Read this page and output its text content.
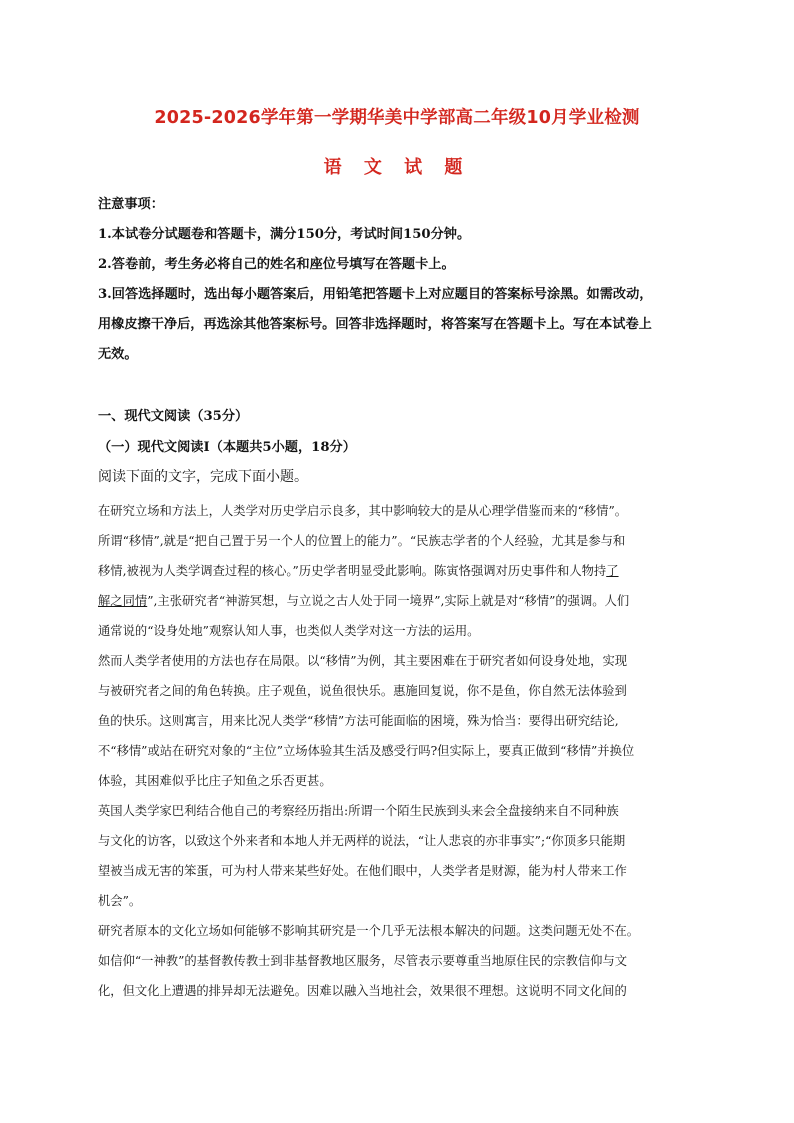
2025-2026学年第一学期华美中学部高二年级10月学业检测
语 文 试 题
注意事项：

1.本试卷分试题卷和答题卡，满分150分，考试时间150分钟。

2.答卷前，考生务必将自己的姓名和座位号填写在答题卡上。

3.回答选择题时，选出每小题答案后，用铅笔把答题卡上对应题目的答案标号涂黑。如需改动，

用橡皮擦干净后，再选涂其他答案标号。回答非选择题时，将答案写在答题卡上。写在本试卷上

无效。

一、现代文阅读（35分）
（一）现代文阅读Ⅰ（本题共5小题，18分）
阅读下面的文字，完成下面小题。

在研究立场和方法上，人类学对历史学启示良多，其中影响较大的是从心理学借鉴而来的“移情”。

所谓“移情”,就是“把自己置于另一个人的位置上的能力”。“民族志学者的个人经验，尤其是参与和

移情,被视为人类学调查过程的核心。”历史学者明显受此影响。陈寅恪强调对历史事件和人物持了

解之同情”,主张研究者“神游冥想，与立说之古人处于同一境界”,实际上就是对“移情”的强调。人们

通常说的“设身处地”观察认知人事，也类似人类学对这一方法的运用。

然而人类学者使用的方法也存在局限。以“移情”为例，其主要困难在于研究者如何设身处地，实现

与被研究者之间的角色转换。庄子观鱼，说鱼很快乐。惠施回复说，你不是鱼，你自然无法体验到

鱼的快乐。这则寓言，用来比况人类学“移情”方法可能面临的困境，殊为恰当：要得出研究结论,

不“移情”或站在研究对象的“主位”立场体验其生活及感受行吗?但实际上，要真正做到“移情”并换位

体验，其困难似乎比庄子知鱼之乐否更甚。

英国人类学家巴利结合他自己的考察经历指出:所谓一个陌生民族到头来会全盘接纳来自不同种族

与文化的访客，以致这个外来者和本地人并无两样的说法，“让人悲哀的亦非事实”;“你顶多只能期

望被当成无害的笨蛋，可为村人带来某些好处。在他们眼中，人类学者是财源，能为村人带来工作

机会”。

研究者原本的文化立场如何能够不影响其研究是一个几乎无法根本解决的问题。这类问题无处不在。

如信仰“一神教”的基督教传教士到非基督教地区服务，尽管表示要尊重当地原住民的宗教信仰与文

化，但文化上遭遇的排异却无法避免。因难以融入当地社会，效果很不理想。这说明不同文化间的
